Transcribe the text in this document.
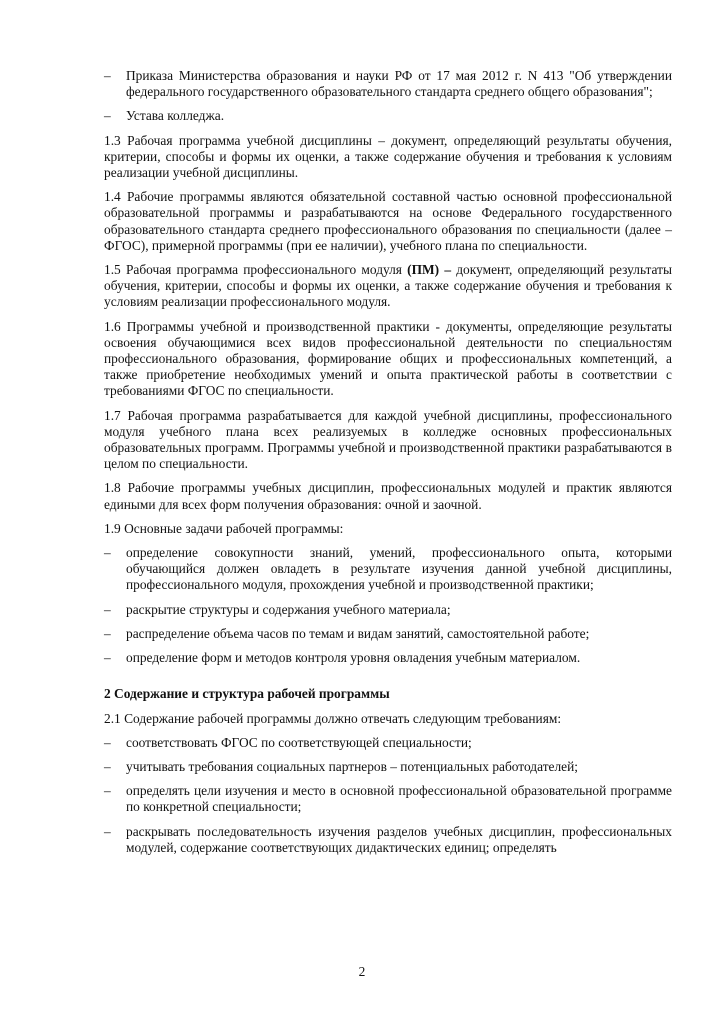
– Приказа Министерства образования и науки РФ от 17 мая 2012 г. N 413 "Об утверждении федерального государственного образовательного стандарта среднего общего образования";
– Устава колледжа.
1.3 Рабочая программа учебной дисциплины – документ, определяющий результаты обучения, критерии, способы и формы их оценки, а также содержание обучения и требования к условиям реализации учебной дисциплины.
1.4 Рабочие программы являются обязательной составной частью основной профессиональной образовательной программы и разрабатываются на основе Федерального государственного образовательного стандарта среднего профессионального образования по специальности (далее – ФГОС), примерной программы (при ее наличии), учебного плана по специальности.
1.5 Рабочая программа профессионального модуля (ПМ) – документ, определяющий результаты обучения, критерии, способы и формы их оценки, а также содержание обучения и требования к условиям реализации профессионального модуля.
1.6 Программы учебной и производственной практики - документы, определяющие результаты освоения обучающимися всех видов профессиональной деятельности по специальностям профессионального образования, формирование общих и профессиональных компетенций, а также приобретение необходимых умений и опыта практической работы в соответствии с требованиями ФГОС по специальности.
1.7 Рабочая программа разрабатывается для каждой учебной дисциплины, профессионального модуля учебного плана всех реализуемых в колледже основных профессиональных образовательных программ. Программы учебной и производственной практики разрабатываются в целом по специальности.
1.8 Рабочие программы учебных дисциплин, профессиональных модулей и практик являются едиными для всех форм получения образования: очной и заочной.
1.9 Основные задачи рабочей программы:
– определение совокупности знаний, умений, профессионального опыта, которыми обучающийся должен овладеть в результате изучения данной учебной дисциплины, профессионального модуля, прохождения учебной и производственной практики;
– раскрытие структуры и содержания учебного материала;
– распределение объема часов по темам и видам занятий, самостоятельной работе;
– определение форм и методов контроля уровня овладения учебным материалом.
2 Содержание и структура рабочей программы
2.1 Содержание рабочей программы должно отвечать следующим требованиям:
– соответствовать ФГОС по соответствующей специальности;
– учитывать требования социальных партнеров – потенциальных работодателей;
– определять цели изучения и место в основной профессиональной образовательной программе по конкретной специальности;
– раскрывать последовательность изучения разделов учебных дисциплин, профессиональных модулей, содержание соответствующих дидактических единиц; определять
2
